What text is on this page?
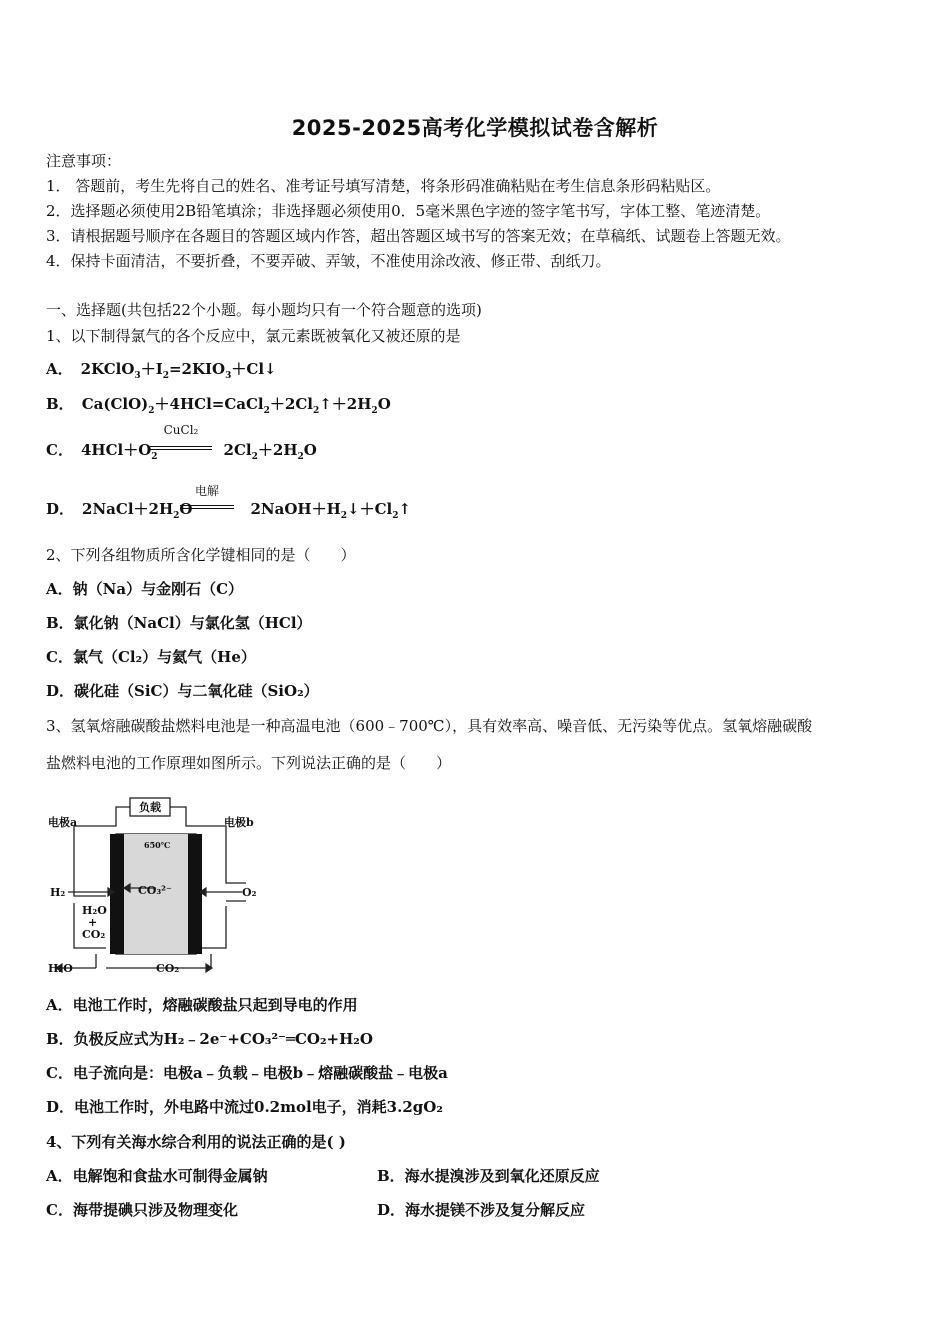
2025-2025高考化学模拟试卷含解析
注意事项：
1． 答题前，考生先将自己的姓名、准考证号填写清楚，将条形码准确粘贴在考生信息条形码粘贴区。
2．选择题必须使用2B铅笔填涂；非选择题必须使用0．5毫米黑色字迹的签字笔书写，字体工整、笔迹清楚。
3．请根据题号顺序在各题目的答题区域内作答，超出答题区域书写的答案无效；在草稿纸、试题卷上答题无效。
4．保持卡面清洁，不要折叠，不要弄破、弄皱，不准使用涂改液、修正带、刮纸刀。
一、选择题(共包括22个小题。每小题均只有一个符合题意的选项)
1、以下制得氯气的各个反应中，氯元素既被氧化又被还原的是
A． $2KClO_3+I_2=2KIO_3+Cl↓$
B． $Ca(ClO)_2+4HCl=CaCl_2+2Cl_2↑+2H_2O$
C． $4HCl+O_2$	$2Cl_2+2H_2O$
CuCl₂
D． $2NaCl+2H_2O$	$2NaOH+H_2↓+Cl_2↑$
电解
2、下列各组物质所含化学键相同的是（　　）
A．钠（Na）与金刚石（C）
B．氯化钠（NaCl）与氯化氢（HCl）
C．氯气（Cl₂）与氦气（He）
D．碳化硅（SiC）与二氧化硅（SiO₂）
3、氢氧熔融碳酸盐燃料电池是一种高温电池（600﹣700℃），具有效率高、噪音低、无污染等优点。氢氧熔融碳酸
盐燃料电池的工作原理如图所示。下列说法正确的是（　　）
负载
电极a	电极b
650℃
CO₃²⁻
H₂	O₂
H₂O
+
CO₂
H₂O	CO₂
A．电池工作时，熔融碳酸盐只起到导电的作用
B．负极反应式为H₂﹣2e⁻+CO₃²⁻═CO₂+H₂O
C．电子流向是：电极a﹣负载﹣电极b﹣熔融碳酸盐﹣电极a
D．电池工作时，外电路中流过0.2mol电子，消耗3.2gO₂
4、下列有关海水综合利用的说法正确的是( )
A．电解饱和食盐水可制得金属钠	B．海水提溴涉及到氧化还原反应
C．海带提碘只涉及物理变化	D．海水提镁不涉及复分解反应
